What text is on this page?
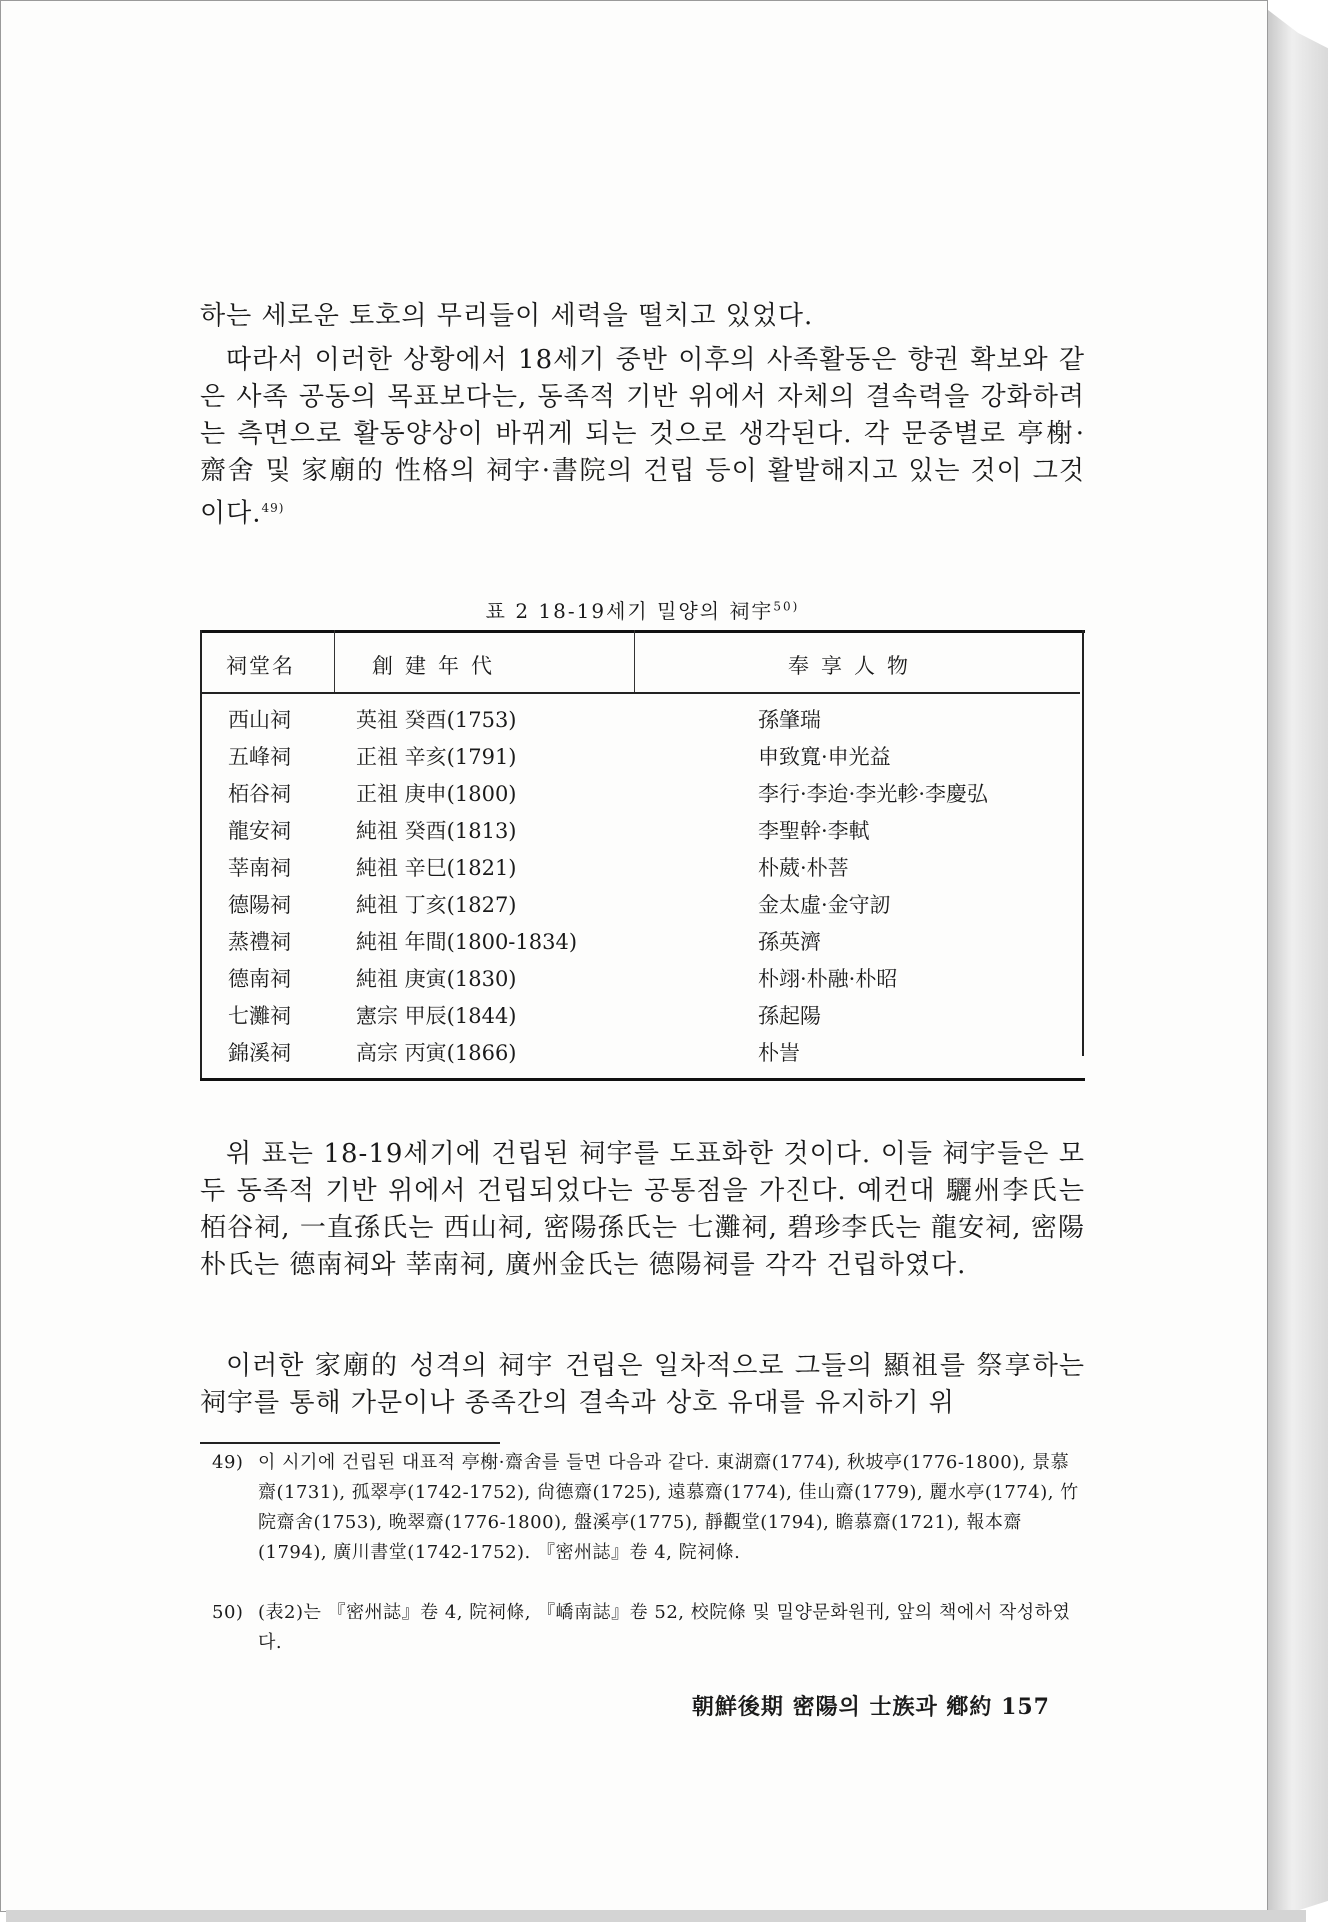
하는 세로운 토호의 무리들이 세력을 떨치고 있었다.
따라서 이러한 상황에서 18세기 중반 이후의 사족활동은 향권 확보와 같은 사족 공동의 목표보다는, 동족적 기반 위에서 자체의 결속력을 강화하려는 측면으로 활동양상이 바뀌게 되는 것으로 생각된다. 각 문중별로 亭榭·齋舍 및 家廟的 性格의 祠宇·書院의 건립 등이 활발해지고 있는 것이 그것이다.$^{49)}$
표 2 18-19세기 밀양의 祠宇$^{50)}$
祠堂名	創建年代	奉享人物
西山祠	英祖 癸酉(1753)	孫肇瑞
五峰祠	正祖 辛亥(1791)	申致寬·申光益
栢谷祠	正祖 庚申(1800)	李行·李迨·李光軫·李慶弘
龍安祠	純祖 癸酉(1813)	李聖幹·李軾
莘南祠	純祖 辛巳(1821)	朴葳·朴菩
德陽祠	純祖 丁亥(1827)	金太虛·金守訒
蒸禮祠	純祖 年間(1800-1834)	孫英濟
德南祠	純祖 庚寅(1830)	朴翊·朴融·朴昭
七灘祠	憲宗 甲辰(1844)	孫起陽
錦溪祠	高宗 丙寅(1866)	朴訔
위 표는 18-19세기에 건립된 祠宇를 도표화한 것이다. 이들 祠宇들은 모두 동족적 기반 위에서 건립되었다는 공통점을 가진다. 예컨대 驪州李氏는 栢谷祠, 一直孫氏는 西山祠, 密陽孫氏는 七灘祠, 碧珍李氏는 龍安祠, 密陽朴氏는 德南祠와 莘南祠, 廣州金氏는 德陽祠를 각각 건립하였다.
이러한 家廟的 성격의 祠宇 건립은 일차적으로 그들의 顯祖를 祭享하는 祠宇를 통해 가문이나 종족간의 결속과 상호 유대를 유지하기 위
49) 이 시기에 건립된 대표적 亭榭·齋舍를 들면 다음과 같다. 東湖齋(1774), 秋坡亭(1776-1800), 景慕齋(1731), 孤翠亭(1742-1752), 尙德齋(1725), 遠慕齋(1774), 佳山齋(1779), 麗水亭(1774), 竹院齋舍(1753), 晩翠齋(1776-1800), 盤溪亭(1775), 靜觀堂(1794), 瞻慕齋(1721), 報本齋(1794), 廣川書堂(1742-1752). 『密州誌』卷 4, 院祠條.
50) (表2)는 『密州誌』卷 4, 院祠條, 『嶠南誌』卷 52, 校院條 및 밀양문화원刊, 앞의 책에서 작성하였다.
朝鮮後期 密陽의 士族과 鄕約 157
